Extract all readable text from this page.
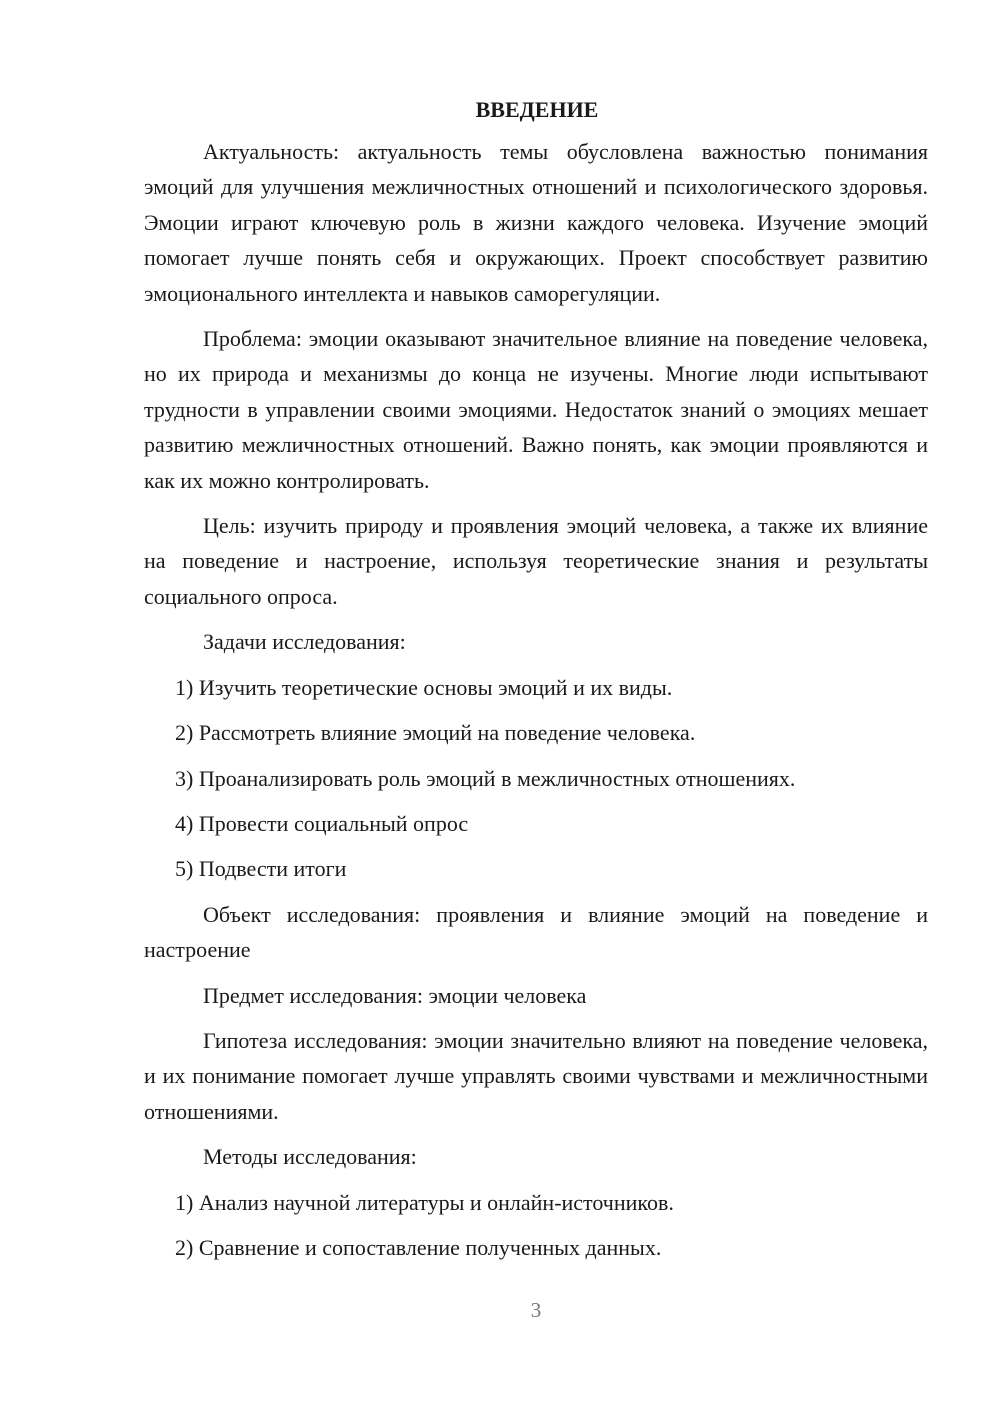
ВВЕДЕНИЕ

Актуальность: актуальность темы обусловлена важностью понимания эмоций для улучшения межличностных отношений и психологического здоровья. Эмоции играют ключевую роль в жизни каждого человека. Изучение эмоций помогает лучше понять себя и окружающих. Проект способствует развитию эмоционального интеллекта и навыков саморегуляции.

Проблема: эмоции оказывают значительное влияние на поведение человека, но их природа и механизмы до конца не изучены. Многие люди испытывают трудности в управлении своими эмоциями. Недостаток знаний о эмоциях мешает развитию межличностных отношений. Важно понять, как эмоции проявляются и как их можно контролировать.

Цель: изучить природу и проявления эмоций человека, а также их влияние на поведение и настроение, используя теоретические знания и результаты социального опроса.

Задачи исследования:
1) Изучить теоретические основы эмоций и их виды.
2) Рассмотреть влияние эмоций на поведение человека.
3) Проанализировать роль эмоций в межличностных отношениях.
4) Провести социальный опрос
5) Подвести итоги

Объект исследования: проявления и влияние эмоций на поведение и настроение

Предмет исследования: эмоции человека

Гипотеза исследования: эмоции значительно влияют на поведение человека, и их понимание помогает лучше управлять своими чувствами и межличностными отношениями.

Методы исследования:
1) Анализ научной литературы и онлайн-источников.
2) Сравнение и сопоставление полученных данных.
3
